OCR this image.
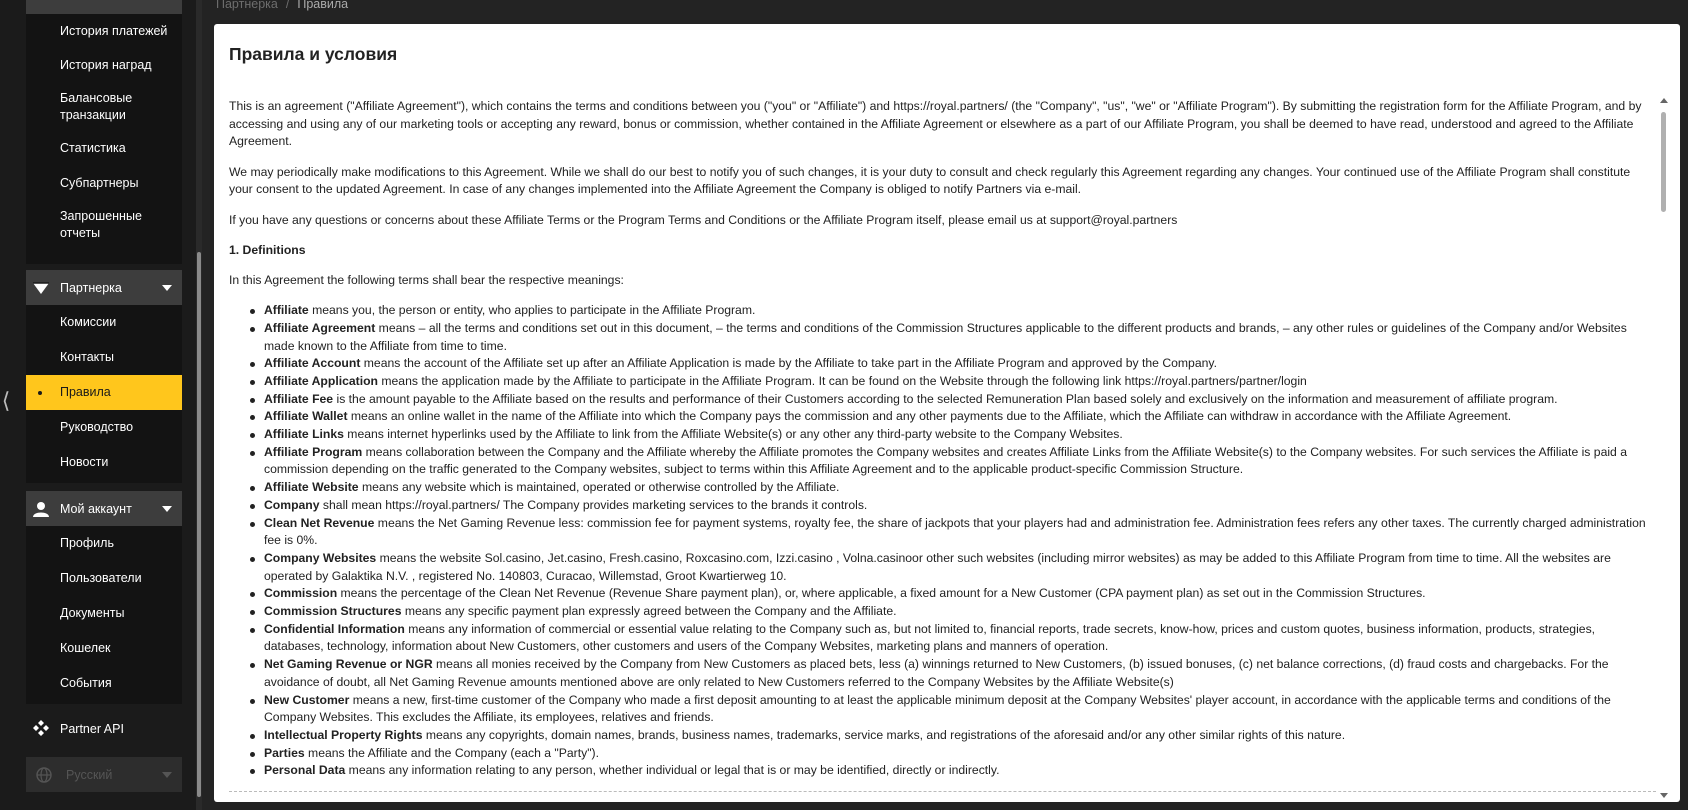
⟨
История платежей
История наград
Балансовые транзакции
Статистика
Субпартнеры
Запрошенные отчеты
Партнерка
Комиссии
Контакты
Правила
Руководство
Новости
Мой аккаунт
Профиль
Пользователи
Документы
Кошелек
События
Partner API
Русский
Партнерка / Правила
Правила и условия

This is an agreement ("Affiliate Agreement"), which contains the terms and conditions between you ("you" or "Affiliate") and https://royal.partners/ (the "Company", "us", "we" or "Affiliate Program"). By submitting the registration form for the Affiliate Program, and by accessing and using any of our marketing tools or accepting any reward, bonus or commission, whether contained in the Affiliate Agreement or elsewhere as a part of our Affiliate Program, you shall be deemed to have read, understood and agreed to the Affiliate Agreement.

We may periodically make modifications to this Agreement. While we shall do our best to notify you of such changes, it is your duty to consult and check regularly this Agreement regarding any changes. Your continued use of the Affiliate Program shall constitute your consent to the updated Agreement. In case of any changes implemented into the Affiliate Agreement the Company is obliged to notify Partners via e-mail.

If you have any questions or concerns about these Affiliate Terms or the Program Terms and Conditions or the Affiliate Program itself, please email us at support@royal.partners

1. Definitions

In this Agreement the following terms shall bear the respective meanings:

Affiliate means you, the person or entity, who applies to participate in the Affiliate Program.
Affiliate Agreement means – all the terms and conditions set out in this document, – the terms and conditions of the Commission Structures applicable to the different products and brands, – any other rules or guidelines of the Company and/or Websites made known to the Affiliate from time to time.
Affiliate Account means the account of the Affiliate set up after an Affiliate Application is made by the Affiliate to take part in the Affiliate Program and approved by the Company.
Affiliate Application means the application made by the Affiliate to participate in the Affiliate Program. It can be found on the Website through the following link https://royal.partners/partner/login
Affiliate Fee is the amount payable to the Affiliate based on the results and performance of their Customers according to the selected Remuneration Plan based solely and exclusively on the information and measurement of affiliate program.
Affiliate Wallet means an online wallet in the name of the Affiliate into which the Company pays the commission and any other payments due to the Affiliate, which the Affiliate can withdraw in accordance with the Affiliate Agreement.
Affiliate Links means internet hyperlinks used by the Affiliate to link from the Affiliate Website(s) or any other any third-party website to the Company Websites.
Affiliate Program means collaboration between the Company and the Affiliate whereby the Affiliate promotes the Company websites and creates Affiliate Links from the Affiliate Website(s) to the Company websites. For such services the Affiliate is paid a commission depending on the traffic generated to the Company websites, subject to terms within this Affiliate Agreement and to the applicable product-specific Commission Structure.
Affiliate Website means any website which is maintained, operated or otherwise controlled by the Affiliate.
Company shall mean https://royal.partners/ The Company provides marketing services to the brands it controls.
Clean Net Revenue means the Net Gaming Revenue less: commission fee for payment systems, royalty fee, the share of jackpots that your players had and administration fee. Administration fees refers any other taxes. The currently charged administration fee is 0%.
Company Websites means the website Sol.casino, Jet.casino, Fresh.casino, Roxcasino.com, Izzi.casino , Volna.casinoor other such websites (including mirror websites) as may be added to this Affiliate Program from time to time. All the websites are operated by Galaktika N.V. , registered No. 140803, Curacao, Willemstad, Groot Kwartierweg 10.
Commission means the percentage of the Clean Net Revenue (Revenue Share payment plan), or, where applicable, a fixed amount for a New Customer (CPA payment plan) as set out in the Commission Structures.
Commission Structures means any specific payment plan expressly agreed between the Company and the Affiliate.
Confidential Information means any information of commercial or essential value relating to the Company such as, but not limited to, financial reports, trade secrets, know-how, prices and custom quotes, business information, products, strategies, databases, technology, information about New Customers, other customers and users of the Company Websites, marketing plans and manners of operation.
Net Gaming Revenue or NGR means all monies received by the Company from New Customers as placed bets, less (a) winnings returned to New Customers, (b) issued bonuses, (c) net balance corrections, (d) fraud costs and chargebacks. For the avoidance of doubt, all Net Gaming Revenue amounts mentioned above are only related to New Customers referred to the Company Websites by the Affiliate Website(s)
New Customer means a new, first-time customer of the Company who made a first deposit amounting to at least the applicable minimum deposit at the Company Websites' player account, in accordance with the applicable terms and conditions of the Company Websites. This excludes the Affiliate, its employees, relatives and friends.
Intellectual Property Rights means any copyrights, domain names, brands, business names, trademarks, service marks, and registrations of the aforesaid and/or any other similar rights of this nature.
Parties means the Affiliate and the Company (each a "Party").
Personal Data means any information relating to any person, whether individual or legal that is or may be identified, directly or indirectly.
